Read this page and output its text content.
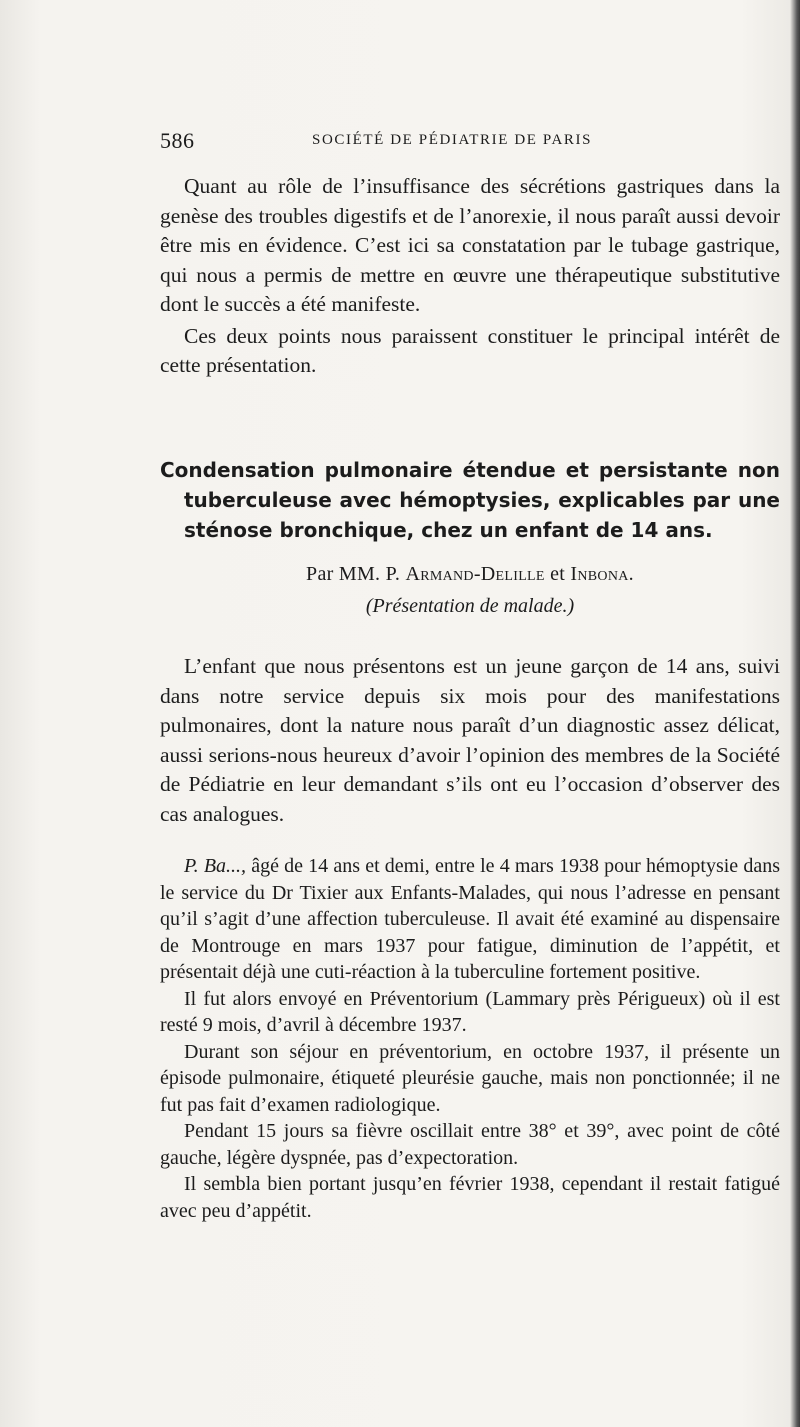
586	SOCIÉTÉ DE PÉDIATRIE DE PARIS

Quant au rôle de l’insuffisance des sécrétions gastriques dans la genèse des troubles digestifs et de l’anorexie, il nous paraît aussi devoir être mis en évidence. C’est ici sa constatation par le tubage gastrique, qui nous a permis de mettre en œuvre une thérapeutique substitutive dont le succès a été manifeste.

Ces deux points nous paraissent constituer le principal intérêt de cette présentation.

Condensation pulmonaire étendue et persistante non
tuberculeuse avec hémoptysies, explicables par une
sténose bronchique, chez un enfant de 14 ans.

Par MM. P. Armand-Delille et Inbona.
(Présentation de malade.)

L’enfant que nous présentons est un jeune garçon de 14 ans, suivi dans notre service depuis six mois pour des manifestations pulmonaires, dont la nature nous paraît d’un diagnostic assez délicat, aussi serions-nous heureux d’avoir l’opinion des membres de la Société de Pédiatrie en leur demandant s’ils ont eu l’occasion d’observer des cas analogues.

P. Ba..., âgé de 14 ans et demi, entre le 4 mars 1938 pour hémoptysie dans le service du Dr Tixier aux Enfants-Malades, qui nous l’adresse en pensant qu’il s’agit d’une affection tuberculeuse. Il avait été examiné au dispensaire de Montrouge en mars 1937 pour fatigue, diminution de l’appétit, et présentait déjà une cuti-réaction à la tuberculine fortement positive.

Il fut alors envoyé en Préventorium (Lammary près Périgueux) où il est resté 9 mois, d’avril à décembre 1937.

Durant son séjour en préventorium, en octobre 1937, il présente un épisode pulmonaire, étiqueté pleurésie gauche, mais non ponctionnée; il ne fut pas fait d’examen radiologique.

Pendant 15 jours sa fièvre oscillait entre 38° et 39°, avec point de côté gauche, légère dyspnée, pas d’expectoration.

Il sembla bien portant jusqu’en février 1938, cependant il restait fatigué avec peu d’appétit.
